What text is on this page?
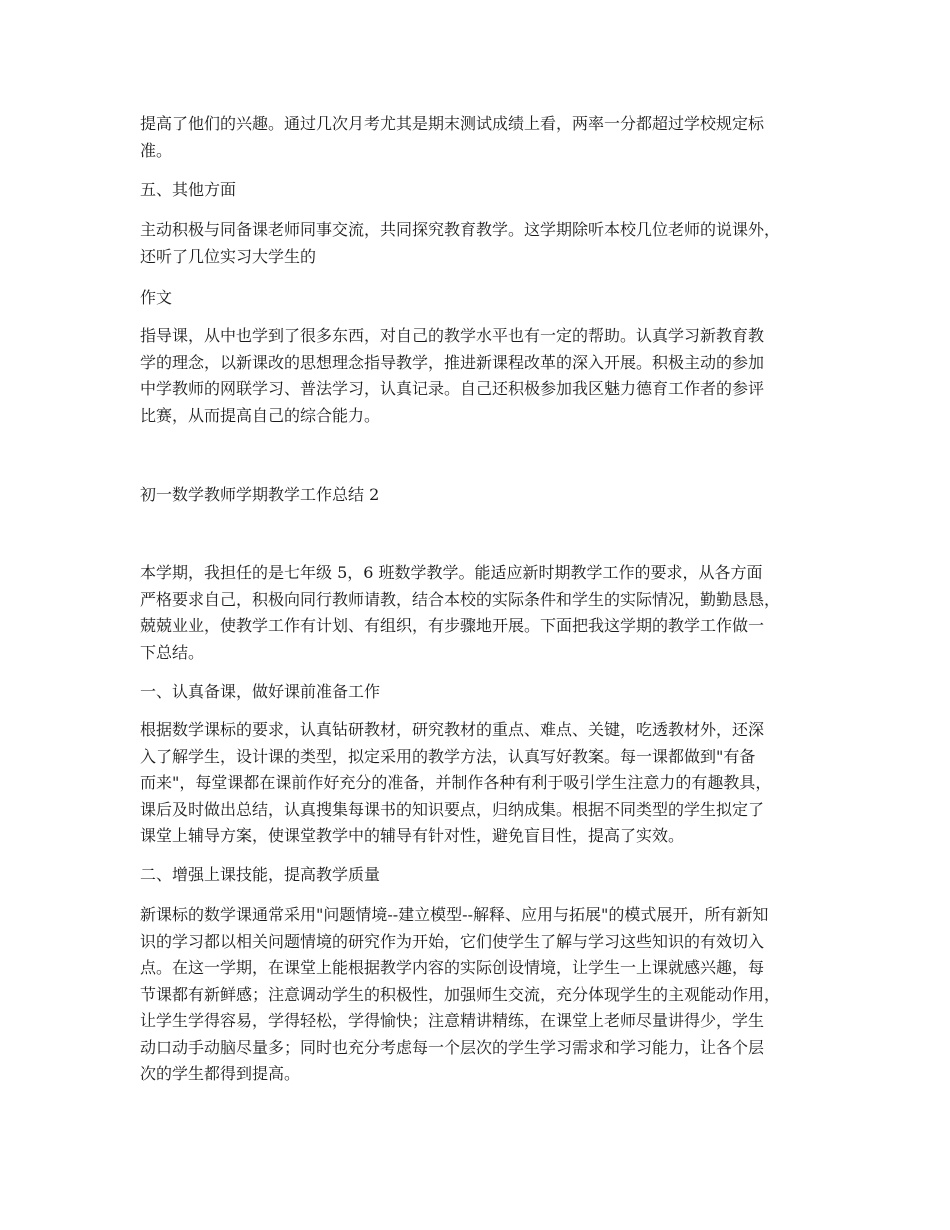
提高了他们的兴趣。通过几次月考尤其是期末测试成绩上看，两率一分都超过学校规定标
准。

五、其他方面

主动积极与同备课老师同事交流，共同探究教育教学。这学期除听本校几位老师的说课外，
还听了几位实习大学生的

作文

指导课，从中也学到了很多东西，对自己的教学水平也有一定的帮助。认真学习新教育教
学的理念，以新课改的思想理念指导教学，推进新课程改革的深入开展。积极主动的参加
中学教师的网联学习、普法学习，认真记录。自己还积极参加我区魅力德育工作者的参评
比赛，从而提高自己的综合能力。

初一数学教师学期教学工作总结 2

本学期，我担任的是七年级 5，6 班数学教学。能适应新时期教学工作的要求，从各方面
严格要求自己，积极向同行教师请教，结合本校的实际条件和学生的实际情况，勤勤恳恳，
兢兢业业，使教学工作有计划、有组织，有步骤地开展。下面把我这学期的教学工作做一
下总结。

一、认真备课，做好课前准备工作

根据数学课标的要求，认真钻研教材，研究教材的重点、难点、关键，吃透教材外，还深
入了解学生，设计课的类型，拟定采用的教学方法，认真写好教案。每一课都做到"有备
而来"，每堂课都在课前作好充分的准备，并制作各种有利于吸引学生注意力的有趣教具，
课后及时做出总结，认真搜集每课书的知识要点，归纳成集。根据不同类型的学生拟定了
课堂上辅导方案，使课堂教学中的辅导有针对性，避免盲目性，提高了实效。

二、增强上课技能，提高教学质量

新课标的数学课通常采用"问题情境--建立模型--解释、应用与拓展"的模式展开，所有新知
识的学习都以相关问题情境的研究作为开始，它们使学生了解与学习这些知识的有效切入
点。在这一学期，在课堂上能根据教学内容的实际创设情境，让学生一上课就感兴趣，每
节课都有新鲜感；注意调动学生的积极性，加强师生交流，充分体现学生的主观能动作用，
让学生学得容易，学得轻松，学得愉快；注意精讲精练，在课堂上老师尽量讲得少，学生
动口动手动脑尽量多；同时也充分考虑每一个层次的学生学习需求和学习能力，让各个层
次的学生都得到提高。
